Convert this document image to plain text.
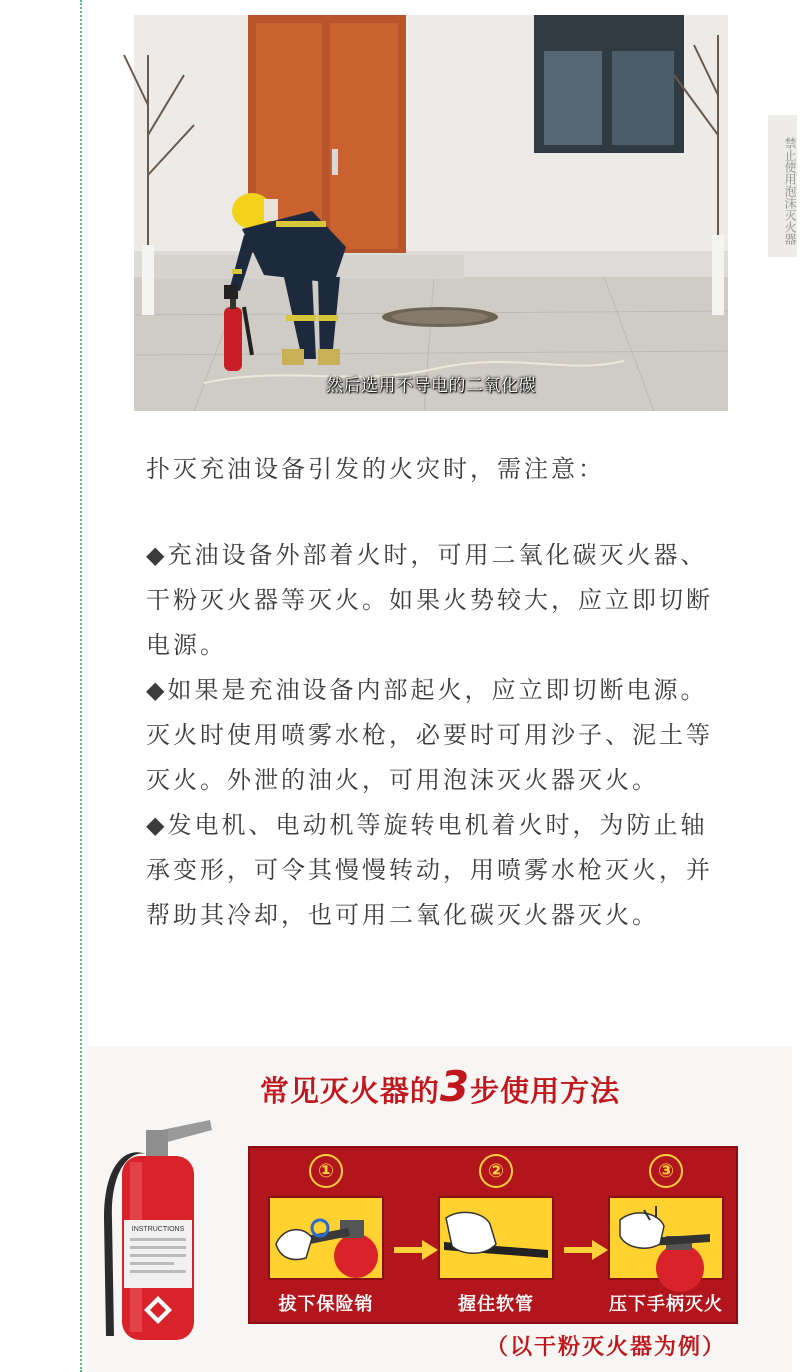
禁止使用泡沫灭火器
然后选用不导电的二氧化碳

扑灭充油设备引发的火灾时，需注意：

◆充油设备外部着火时，可用二氧化碳灭火器、干粉灭火器等灭火。如果火势较大，应立即切断电源。

◆如果是充油设备内部起火，应立即切断电源。灭火时使用喷雾水枪，必要时可用沙子、泥土等灭火。外泄的油火，可用泡沫灭火器灭火。

◆发电机、电动机等旋转电机着火时，为防止轴承变形，可令其慢慢转动，用喷雾水枪灭火，并帮助其冷却，也可用二氧化碳灭火器灭火。

常见灭火器的3步使用方法
INSTRUCTIONS
①
拔下保险销
②
握住软管
③
压下手柄灭火
（以干粉灭火器为例）
